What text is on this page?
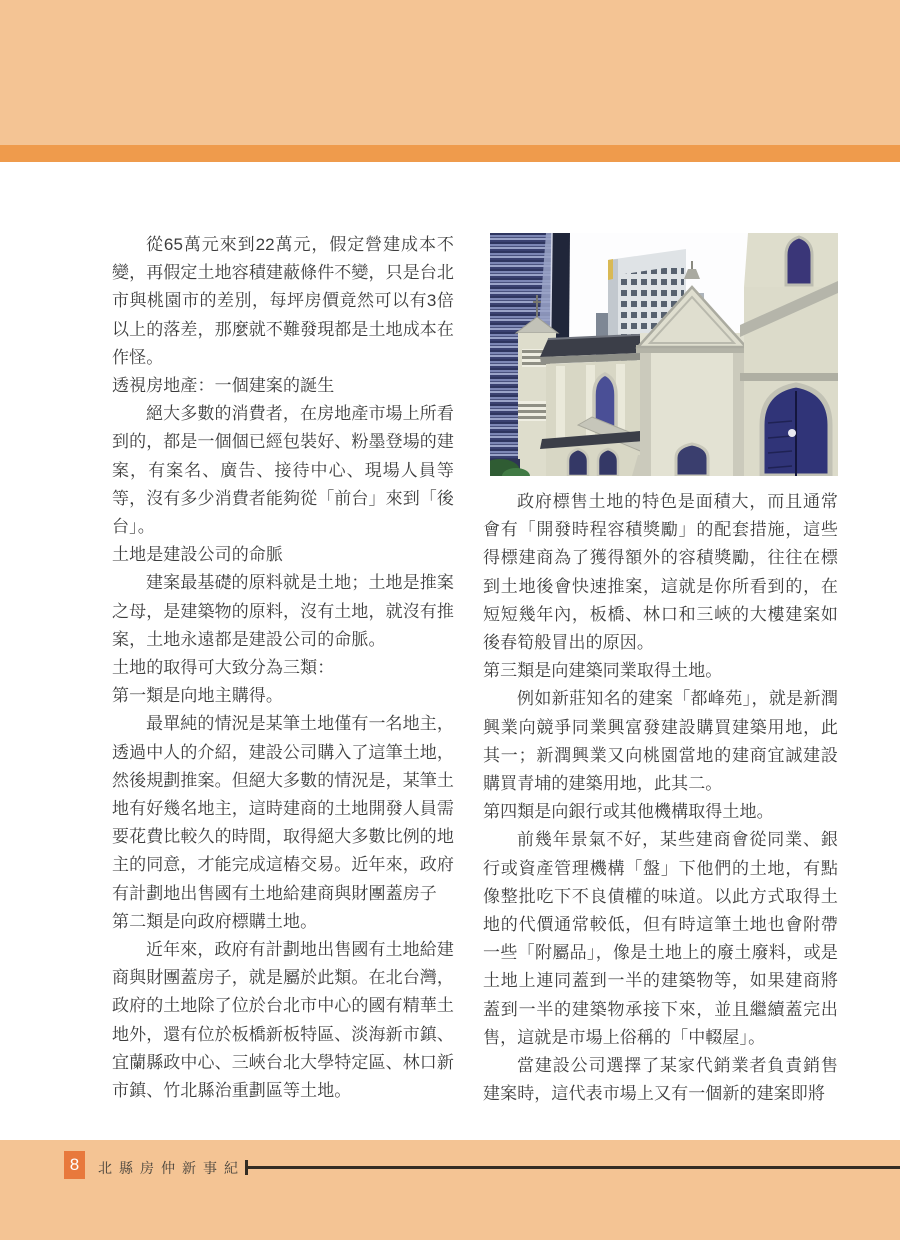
從65萬元來到22萬元，假定營建成本不變，再假定土地容積建蔽條件不變，只是台北市與桃園市的差別，每坪房價竟然可以有3倍以上的落差，那麼就不難發現都是土地成本在作怪。

透視房地產：一個建案的誕生

絕大多數的消費者，在房地產市場上所看到的，都是一個個已經包裝好、粉墨登場的建案，有案名、廣告、接待中心、現場人員等等，沒有多少消費者能夠從「前台」來到「後台」。

土地是建設公司的命脈

建案最基礎的原料就是土地；土地是推案之母，是建築物的原料，沒有土地，就沒有推案，土地永遠都是建設公司的命脈。

土地的取得可大致分為三類：

第一類是向地主購得。

最單純的情況是某筆土地僅有一名地主，透過中人的介紹，建設公司購入了這筆土地，然後規劃推案。但絕大多數的情況是，某筆土地有好幾名地主，這時建商的土地開發人員需要花費比較久的時間，取得絕大多數比例的地主的同意，才能完成這樁交易。近年來，政府有計劃地出售國有土地給建商與財團蓋房子

第二類是向政府標購土地。

近年來，政府有計劃地出售國有土地給建商與財團蓋房子，就是屬於此類。在北台灣，政府的土地除了位於台北市中心的國有精華土地外，還有位於板橋新板特區、淡海新市鎮、宜蘭縣政中心、三峽台北大學特定區、林口新市鎮、竹北縣治重劃區等土地。

政府標售土地的特色是面積大，而且通常會有「開發時程容積獎勵」的配套措施，這些得標建商為了獲得額外的容積獎勵，往往在標到土地後會快速推案，這就是你所看到的，在短短幾年內，板橋、林口和三峽的大樓建案如後春筍般冒出的原因。

第三類是向建築同業取得土地。

例如新莊知名的建案「都峰苑」，就是新潤興業向競爭同業興富發建設購買建築用地，此其一；新潤興業又向桃園當地的建商宜誠建設購買青埔的建築用地，此其二。

第四類是向銀行或其他機構取得土地。

前幾年景氣不好，某些建商會從同業、銀行或資產管理機構「盤」下他們的土地，有點像整批吃下不良債權的味道。以此方式取得土地的代價通常較低，但有時這筆土地也會附帶一些「附屬品」，像是土地上的廢土廢料，或是土地上連同蓋到一半的建築物等，如果建商將蓋到一半的建築物承接下來，並且繼續蓋完出售，這就是市場上俗稱的「中輟屋」。

當建設公司選擇了某家代銷業者負責銷售建案時，這代表市場上又有一個新的建案即將

8	北縣房仲新事紀
